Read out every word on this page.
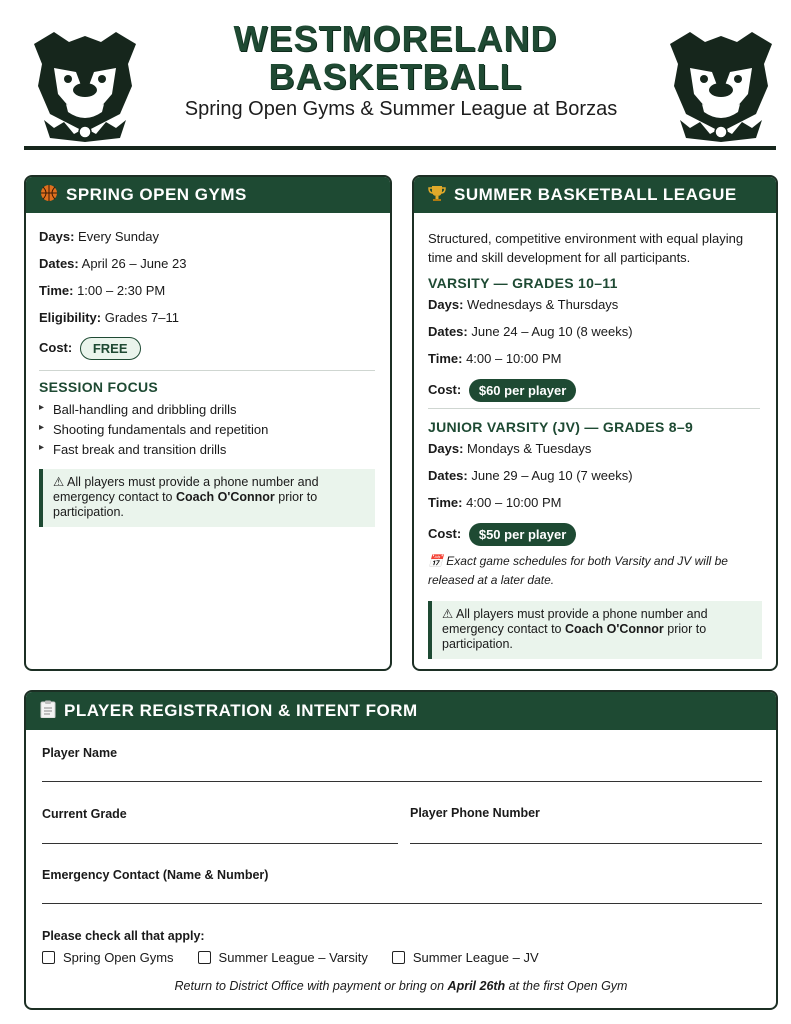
WESTMORELAND
BASKETBALL
Spring Open Gyms & Summer League at Borzas
SPRING OPEN GYMS
Days: Every Sunday
Dates: April 26 – June 23
Time: 1:00 – 2:30 PM
Eligibility: Grades 7–11
Cost: FREE
SESSION FOCUS
▸ Ball-handling and dribbling drills
▸ Shooting fundamentals and repetition
▸ Fast break and transition drills
⚠ All players must provide a phone number and emergency contact to Coach O'Connor prior to participation.
SUMMER BASKETBALL LEAGUE
Structured, competitive environment with equal playing time and skill development for all participants.
VARSITY — GRADES 10–11
Days: Wednesdays & Thursdays
Dates: June 24 – Aug 10 (8 weeks)
Time: 4:00 – 10:00 PM
Cost: $60 per player
JUNIOR VARSITY (JV) — GRADES 8–9
Days: Mondays & Tuesdays
Dates: June 29 – Aug 10 (7 weeks)
Time: 4:00 – 10:00 PM
Cost: $50 per player
📅 Exact game schedules for both Varsity and JV will be released at a later date.
⚠ All players must provide a phone number and emergency contact to Coach O'Connor prior to participation.
PLAYER REGISTRATION & INTENT FORM
Player Name
Current Grade	Player Phone Number
Emergency Contact (Name & Number)
Please check all that apply:
Spring Open Gyms	Summer League – Varsity	Summer League – JV
Return to District Office with payment or bring on April 26th at the first Open Gym
